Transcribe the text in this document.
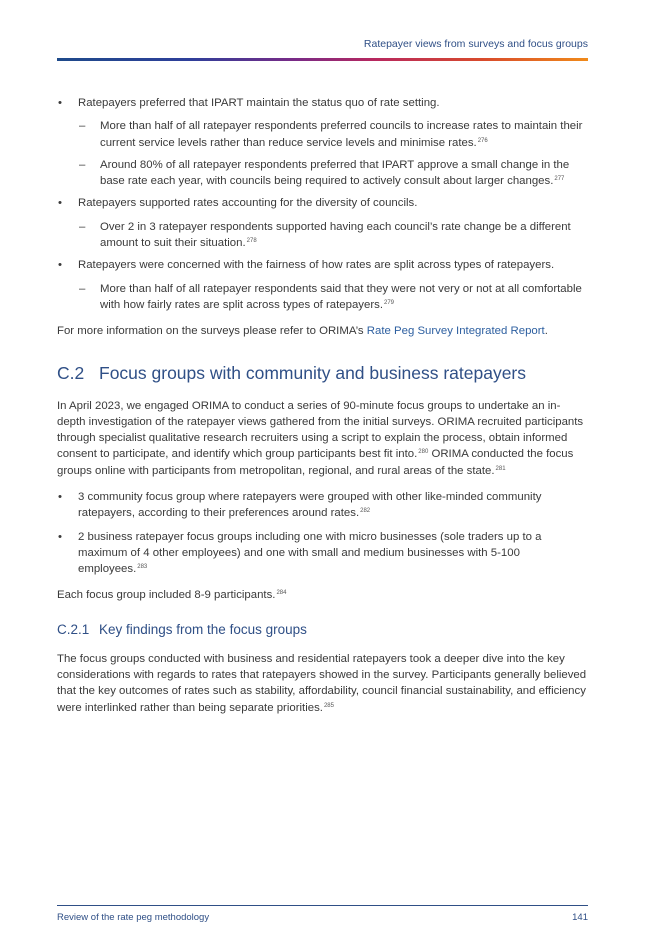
Ratepayer views from surveys and focus groups
• Ratepayers preferred that IPART maintain the status quo of rate setting.
– More than half of all ratepayer respondents preferred councils to increase rates to maintain their current service levels rather than reduce service levels and minimise rates.$^{276}$
– Around 80% of all ratepayer respondents preferred that IPART approve a small change in the base rate each year, with councils being required to actively consult about larger changes.$^{277}$
• Ratepayers supported rates accounting for the diversity of councils.
– Over 2 in 3 ratepayer respondents supported having each council’s rate change be a different amount to suit their situation.$^{278}$
• Ratepayers were concerned with the fairness of how rates are split across types of ratepayers.
– More than half of all ratepayer respondents said that they were not very or not at all comfortable with how fairly rates are split across types of ratepayers.$^{279}$

For more information on the surveys please refer to ORIMA’s Rate Peg Survey Integrated Report.

C.2 Focus groups with community and business ratepayers

In April 2023, we engaged ORIMA to conduct a series of 90-minute focus groups to undertake an in-depth investigation of the ratepayer views gathered from the initial surveys. ORIMA recruited participants through specialist qualitative research recruiters using a script to explain the process, obtain informed consent to participate, and identify which group participants best fit into.$^{280}$ ORIMA conducted the focus groups online with participants from metropolitan, regional, and rural areas of the state.$^{281}$

• 3 community focus group where ratepayers were grouped with other like-minded community ratepayers, according to their preferences around rates.$^{282}$
• 2 business ratepayer focus groups including one with micro businesses (sole traders up to a maximum of 4 other employees) and one with small and medium businesses with 5-100 employees.$^{283}$

Each focus group included 8-9 participants.$^{284}$

C.2.1 Key findings from the focus groups

The focus groups conducted with business and residential ratepayers took a deeper dive into the key considerations with regards to rates that ratepayers showed in the survey. Participants generally believed that the key outcomes of rates such as stability, affordability, council financial sustainability, and efficiency were interlinked rather than being separate priorities.$^{285}$

Review of the rate peg methodology	141
